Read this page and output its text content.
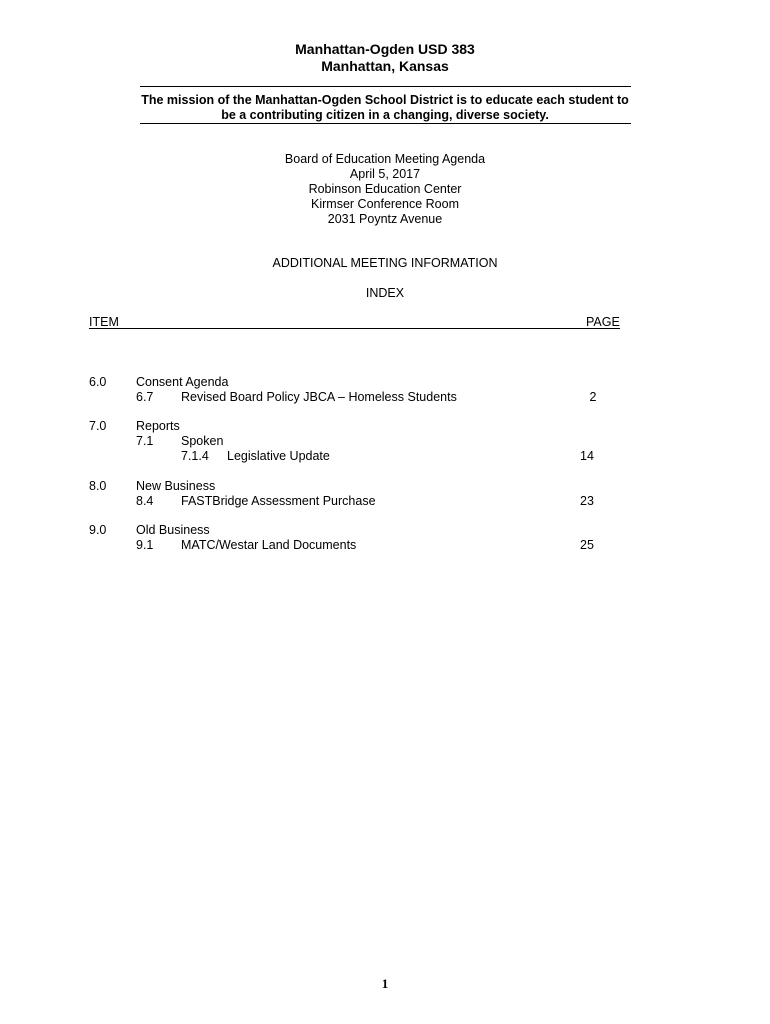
Manhattan-Ogden USD 383
Manhattan, Kansas
The mission of the Manhattan-Ogden School District is to educate each student to
be a contributing citizen in a changing, diverse society.
Board of Education Meeting Agenda
April 5, 2017
Robinson Education Center
Kirmser Conference Room
2031 Poyntz Avenue
ADDITIONAL MEETING INFORMATION
INDEX
ITEM	PAGE
6.0 Consent Agenda
6.7 Revised Board Policy JBCA – Homeless Students	2
7.0 Reports
7.1 Spoken
7.1.4 Legislative Update	14
8.0 New Business
8.4 FASTBridge Assessment Purchase	23
9.0 Old Business
9.1 MATC/Westar Land Documents	25
1
